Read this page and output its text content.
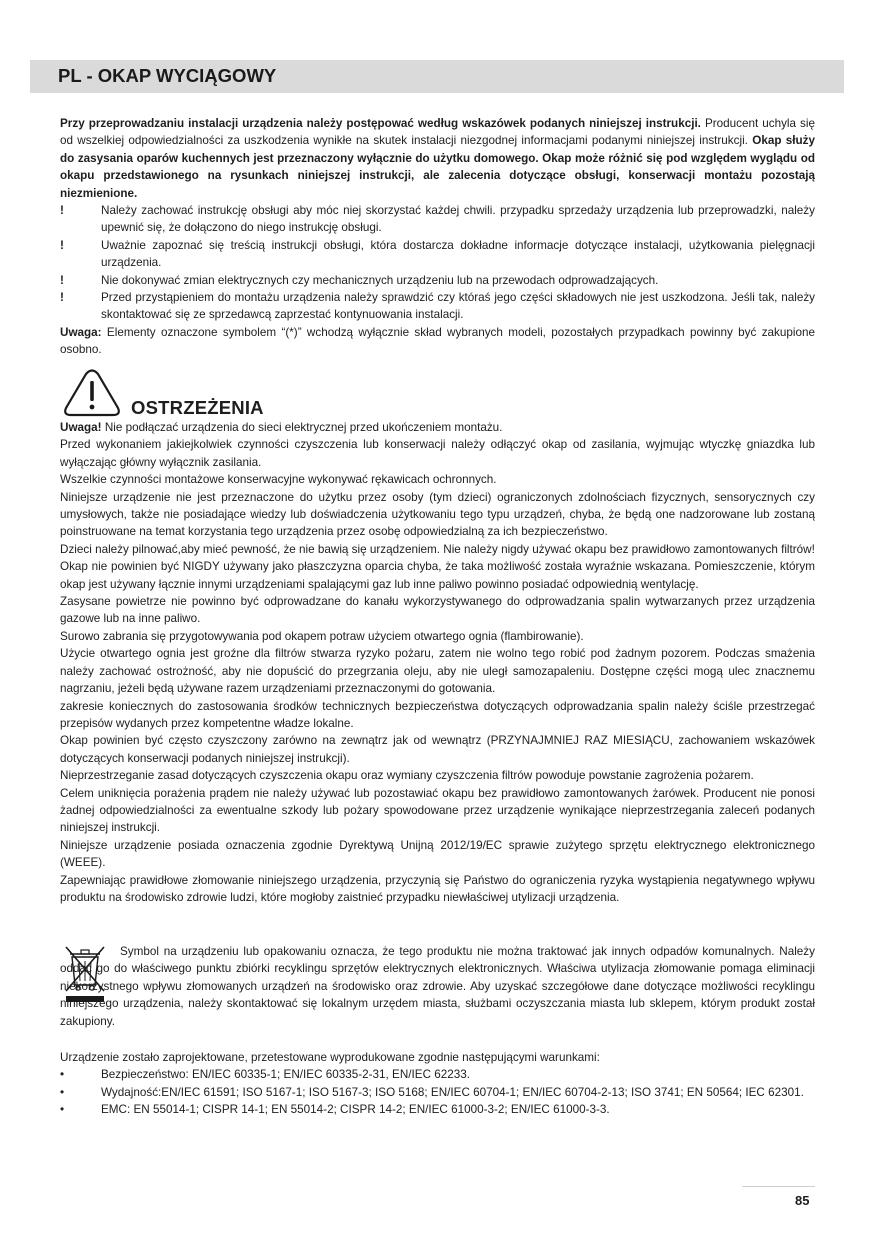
PL - OKAP WYCIĄGOWY

Przy przeprowadzaniu instalacji urządzenia należy postępować według wskazówek podanych niniejszej instrukcji. Producent uchyla się od wszelkiej odpowiedzialności za uszkodzenia wynikłe na skutek instalacji niezgodnej informacjami podanymi niniejszej instrukcji. Okap służy do zasysania oparów kuchennych jest przeznaczony wyłącznie do użytku domowego. Okap może różnić się pod względem wyglądu od okapu przedstawionego na rysunkach niniejszej instrukcji, ale zalecenia dotyczące obsługi, konserwacji montażu pozostają niezmienione.

!	Należy zachować instrukcję obsługi aby móc niej skorzystać każdej chwili. przypadku sprzedaży urządzenia lub przeprowadzki, należy upewnić się, że dołączono do niego instrukcję obsługi.
!	Uważnie zapoznać się treścią instrukcji obsługi, która dostarcza dokładne informacje dotyczące instalacji, użytkowania pielęgnacji urządzenia.
!	Nie dokonywać zmian elektrycznych czy mechanicznych urządzeniu lub na przewodach odprowadzających.
!	Przed przystąpieniem do montażu urządzenia należy sprawdzić czy któraś jego części składowych nie jest uszkodzona. Jeśli tak, należy skontaktować się ze sprzedawcą zaprzestać kontynuowania instalacji.

Uwaga: Elementy oznaczone symbolem “(*)” wchodzą wyłącznie skład wybranych modeli, pozostałych przypadkach powinny być zakupione osobno.

OSTRZEŻENIA

Uwaga! Nie podłączać urządzenia do sieci elektrycznej przed ukończeniem montażu.

Przed wykonaniem jakiejkolwiek czynności czyszczenia lub konserwacji należy odłączyć okap od zasilania, wyjmując wtyczkę gniazdka lub wyłączając główny wyłącznik zasilania.

Wszelkie czynności montażowe konserwacyjne wykonywać rękawicach ochronnych.

Niniejsze urządzenie nie jest przeznaczone do użytku przez osoby (tym dzieci) ograniczonych zdolnościach fizycznych, sensorycznych czy umysłowych, także nie posiadające wiedzy lub doświadczenia użytkowaniu tego typu urządzeń, chyba, że będą one nadzorowane lub zostaną poinstruowane na temat korzystania tego urządzenia przez osobę odpowiedzialną za ich bezpieczeństwo.

Dzieci należy pilnować,aby mieć pewność, że nie bawią się urządzeniem. Nie należy nigdy używać okapu bez prawidłowo zamontowanych filtrów!

Okap nie powinien być NIGDY używany jako płaszczyzna oparcia chyba, że taka możliwość została wyraźnie wskazana. Pomieszczenie, którym okap jest używany łącznie innymi urządzeniami spalającymi gaz lub inne paliwo powinno posiadać odpowiednią wentylację.

Zasysane powietrze nie powinno być odprowadzane do kanału wykorzystywanego do odprowadzania spalin wytwarzanych przez urządzenia gazowe lub na inne paliwo.

Surowo zabrania się przygotowywania pod okapem potraw użyciem otwartego ognia (flambirowanie).

Użycie otwartego ognia jest groźne dla filtrów stwarza ryzyko pożaru, zatem nie wolno tego robić pod żadnym pozorem. Podczas smażenia należy zachować ostrożność, aby nie dopuścić do przegrzania oleju, aby nie uległ samozapaleniu. Dostępne części mogą ulec znacznemu nagrzaniu, jeżeli będą używane razem urządzeniami przeznaczonymi do gotowania.

zakresie koniecznych do zastosowania środków technicznych bezpieczeństwa dotyczących odprowadzania spalin należy ściśle przestrzegać przepisów wydanych przez kompetentne władze lokalne.

Okap powinien być często czyszczony zarówno na zewnątrz jak od wewnątrz (PRZYNAJMNIEJ RAZ MIESIĄCU, zachowaniem wskazówek dotyczących konserwacji podanych niniejszej instrukcji).

Nieprzestrzeganie zasad dotyczących czyszczenia okapu oraz wymiany czyszczenia filtrów powoduje powstanie zagrożenia pożarem.

Celem uniknięcia porażenia prądem nie należy używać lub pozostawiać okapu bez prawidłowo zamontowanych żarówek. Producent nie ponosi żadnej odpowiedzialności za ewentualne szkody lub pożary spowodowane przez urządzenie wynikające nieprzestrzegania zaleceń podanych niniejszej instrukcji.

Niniejsze urządzenie posiada oznaczenia zgodnie Dyrektywą Unijną 2012/19/EC sprawie zużytego sprzętu elektrycznego elektronicznego (WEEE).

Zapewniając prawidłowe złomowanie niniejszego urządzenia, przyczynią się Państwo do ograniczenia ryzyka wystąpienia negatywnego wpływu produktu na środowisko zdrowie ludzi, które mogłoby zaistnieć przypadku niewłaściwej utylizacji urządzenia.

Symbol na urządzeniu lub opakowaniu oznacza, że tego produktu nie można traktować jak innych odpadów komunalnych. Należy oddać go do właściwego punktu zbiórki recyklingu sprzętów elektrycznych elektronicznych. Właściwa utylizacja złomowanie pomaga eliminacji niekorzystnego wpływu złomowanych urządzeń na środowisko oraz zdrowie. Aby uzyskać szczegółowe dane dotyczące możliwości recyklingu niniejszego urządzenia, należy skontaktować się lokalnym urzędem miasta, służbami oczyszczania miasta lub sklepem, którym produkt został zakupiony.

Urządzenie zostało zaprojektowane, przetestowane wyprodukowane zgodnie następującymi warunkami:

•	Bezpieczeństwo: EN/IEC 60335-1; EN/IEC 60335-2-31, EN/IEC 62233.
•	Wydajność:EN/IEC 61591; ISO 5167-1; ISO 5167-3; ISO 5168; EN/IEC 60704-1; EN/IEC 60704-2-13; ISO 3741; EN 50564; IEC 62301.
•	EMC: EN 55014-1; CISPR 14-1; EN 55014-2; CISPR 14-2; EN/IEC 61000-3-2; EN/IEC 61000-3-3.
85
